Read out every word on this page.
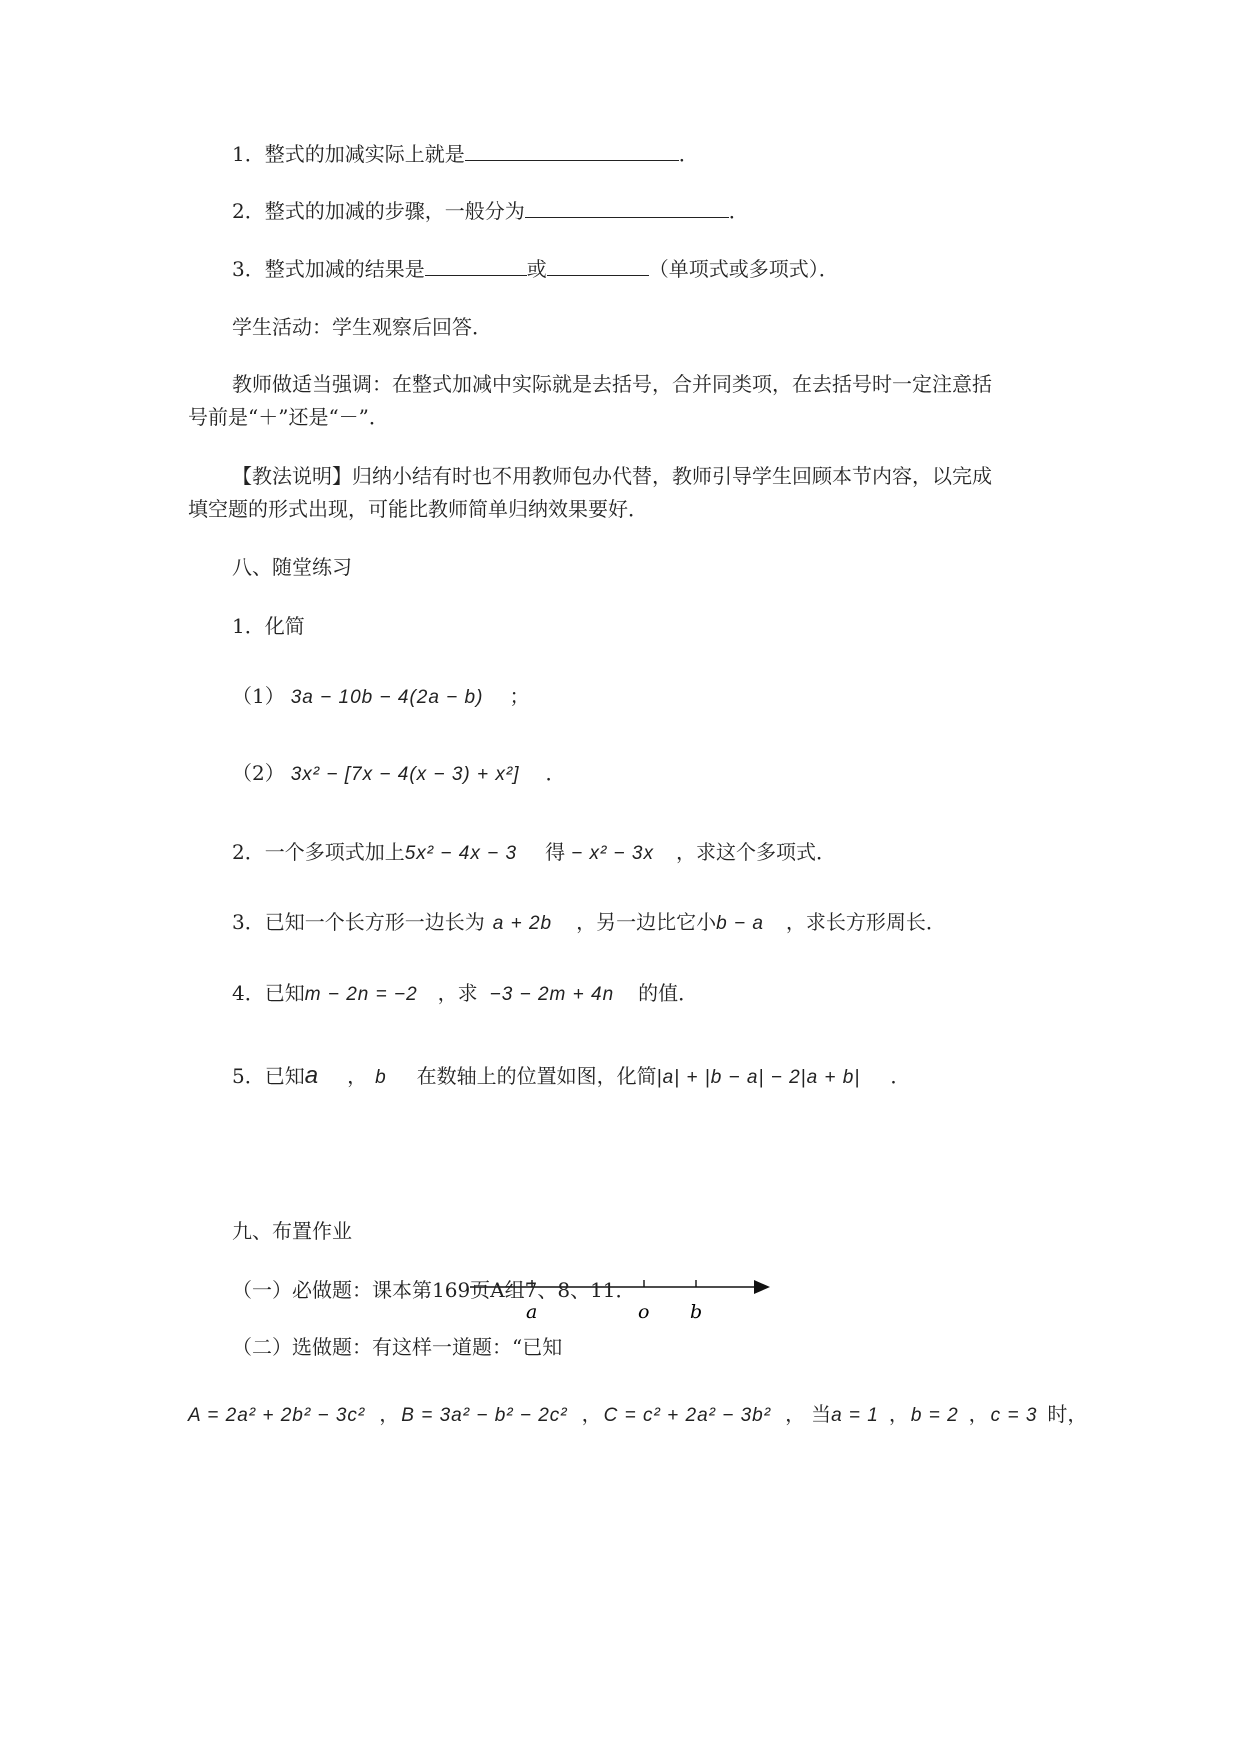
1．整式的加减实际上就是	．
2．整式的加减的步骤，一般分为	．
3．整式加减的结果是	或	（单项式或多项式）．
学生活动：学生观察后回答．
教师做适当强调：在整式加减中实际就是去括号，合并同类项，在去括号时一定注意括
号前是“＋”还是“－”．
【教法说明】归纳小结有时也不用教师包办代替，教师引导学生回顾本节内容，以完成
填空题的形式出现，可能比教师简单归纳效果要好．
八、随堂练习
1．化简
（1） 3a − 10b − 4(2a − b) ；
（2） 3x² − [7x − 4(x − 3) + x²] ．
2．一个多项式加上5x² − 4x − 3 得 − x² − 3x ，求这个多项式．
3．已知一个长方形一边长为 a + 2b ，另一边比它小b − a ，求长方形周长．
4．已知m − 2n = −2 ，求 −3 − 2m + 4n 的值．
5．已知a ， b 在数轴上的位置如图，化简|a| + |b − a| − 2|a + b| ．
a	o b
九、布置作业
（一）必做题：课本第169页A组7、8、11．
（二）选做题：有这样一道题：“已知
A = 2a² + 2b² − 3c² ， B = 3a² − b² − 2c² ， C = c² + 2a² − 3b² ， 当a = 1 ， b = 2 ， c = 3 时，
